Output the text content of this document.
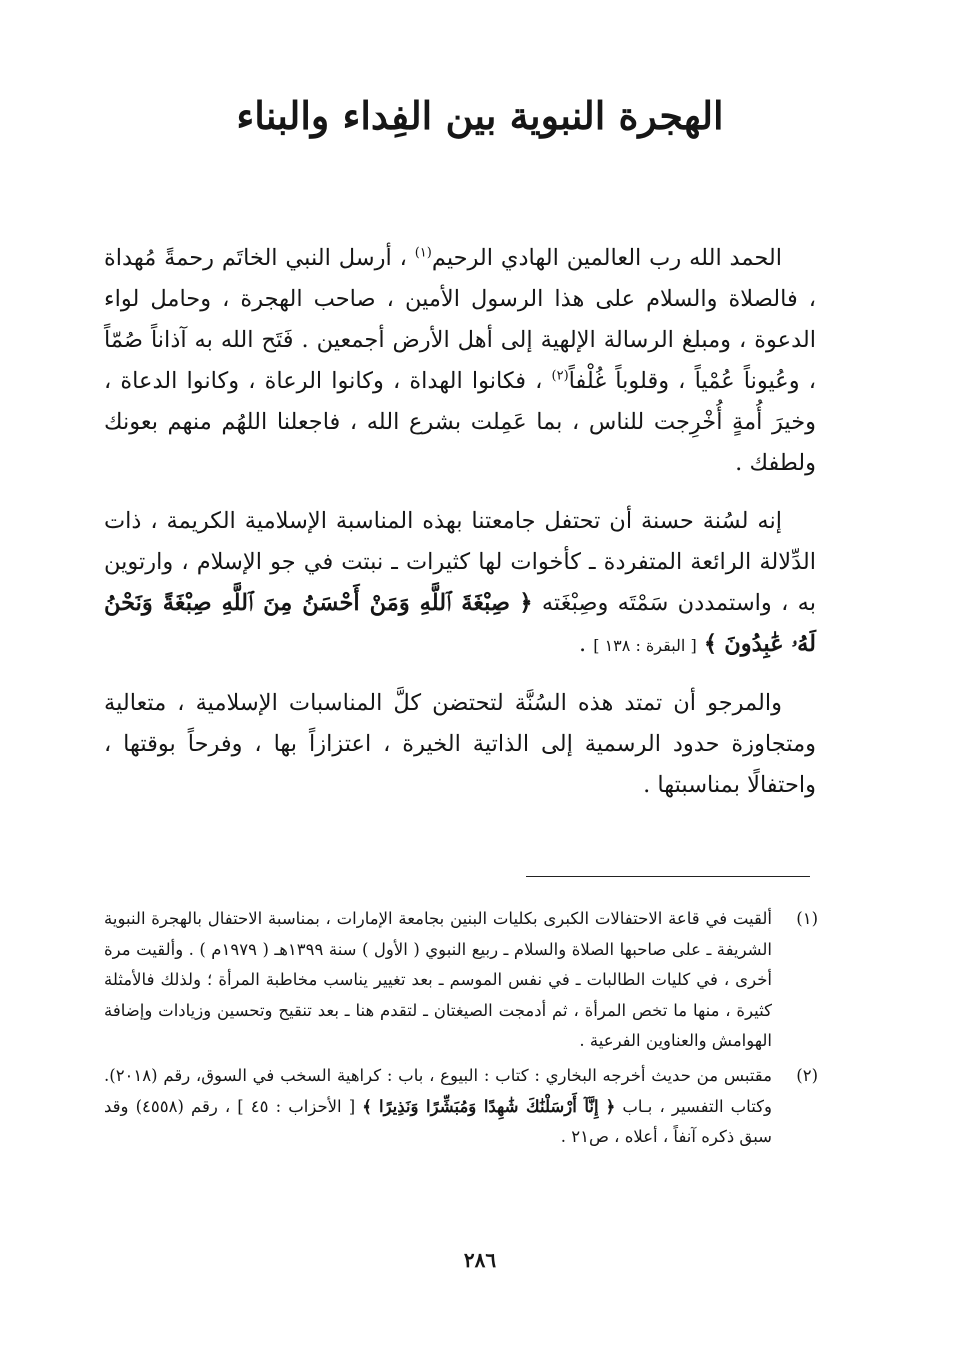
الهجرة النبوية بين الفِداء والبناء

الحمد الله رب العالمين الهادي الرحيم$^{(١)}$ ، أرسل النبي الخاتَم رحمةً مُهداة ، فالصلاة والسلام على هذا الرسول الأمين ، صاحب الهجرة ، وحامل لواء الدعوة ، ومبلغ الرسالة الإلهية إلى أهل الأرض أجمعين . فَتَح الله به آذاناً صُمّاً ، وعُيوناً عُمْياً ، وقلوباً غُلْفاً$^{(٢)}$ ، فكانوا الهداة ، وكانوا الرعاة ، وكانوا الدعاة ، وخيرَ أُمةٍ أُخْرِجت للناس ، بما عَمِلت بشرع الله ، فاجعلنا اللهُم منهم بعونك ولطفك .

إنه لسُنة حسنة أن تحتفل جامعتنا بهذه المناسبة الإسلامية الكريمة ، ذات الدِّلالة الرائعة المتفردة ـ كأخوات لها كثيرات ـ نبتت في جو الإسلام ، وارتوين به ، واستمددن سَمْتَه وصِبْغَته ﴿ صِبْغَةَ ٱللَّهِ وَمَنْ أَحْسَنُ مِنَ ٱللَّهِ صِبْغَةً وَنَحْنُ لَهُۥ عَٰبِدُونَ ﴾ [ البقرة : ١٣٨ ] .

والمرجو أن تمتد هذه السُنَّة لتحتضن كلَّ المناسبات الإسلامية ، متعالية ومتجاوزة حدود الرسمية إلى الذاتية الخيرة ، اعتزازاً بها ، وفرحاً بوقتها ، واحتفالًا بمناسبتها .

(١)
ألقيت في قاعة الاحتفالات الكبرى بكليات البنين بجامعة الإمارات ، بمناسبة الاحتفال بالهجرة النبوية الشريفة ـ على صاحبها الصلاة والسلام ـ ربيع النبوي ( الأول ) سنة ١٣٩٩هـ ( ١٩٧٩م ) . وألقيت مرة أخرى ، في كليات الطالبات ـ في نفس الموسم ـ بعد تغيير يناسب مخاطبة المرأة ؛ ولذلك فالأمثلة كثيرة ، منها ما تخص المرأة ، ثم أدمجت الصيغتان ـ لتقدم هنا ـ بعد تنقيح وتحسين وزيادات وإضافة الهوامش والعناوين الفرعية .
(٢)
مقتبس من حديث أخرجه البخاري : كتاب : البيوع ، باب : كراهية السخب في السوق، رقم (٢٠١٨). وكتاب التفسير ، بـاب ﴿ إِنَّآ أَرْسَلْنَٰكَ شَٰهِدًا وَمُبَشِّرًا وَنَذِيرًا ﴾ [ الأحزاب : ٤٥ ] ، رقم (٤٥٥٨) وقد سبق ذكره آنفاً ، أعلاه ، ص٢١ .
٢٨٦
